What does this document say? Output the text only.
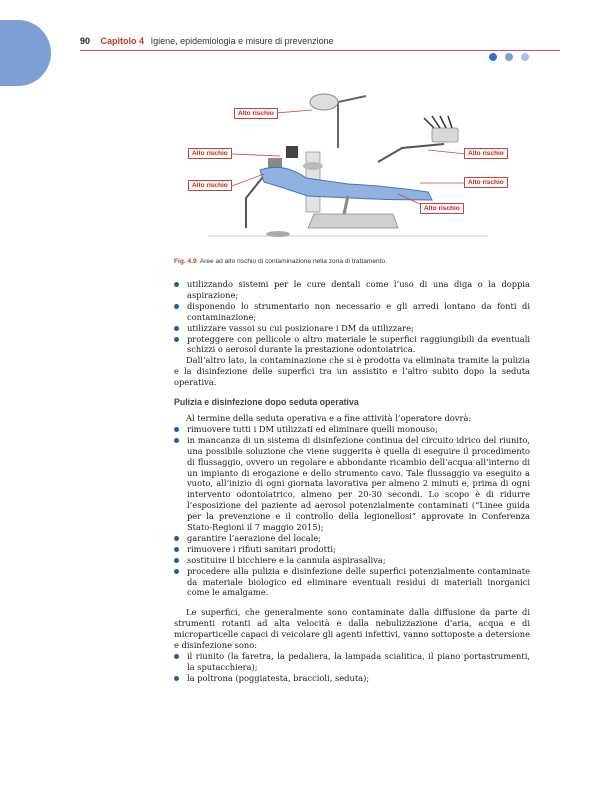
90 Capitolo 4 Igiene, epidemiologia e misure di prevenzione

Alto rischio
Alto rischio
Alto rischio
Alto rischio
Alto rischio
Alto rischio
Fig. 4.9 Aree ad alto rischio di contaminazione nella zona di trattamento.
utilizzando sistemi per le cure dentali come l’uso di una diga o la doppia aspirazione;
disponendo lo strumentario non necessario e gli arredi lontano da fonti di contaminazione;
utilizzare vassoi su cui posizionare i DM da utilizzare;
proteggere con pellicole o altro materiale le superfici raggiungibili da eventuali schizzi o aerosol durante la prestazione odontoiatrica.

Dall’altro lato, la contaminazione che si è prodotta va eliminata tramite la pulizia e la disinfezione delle superfici tra un assistito e l’altro subito dopo la seduta operativa.

Pulizia e disinfezione dopo seduta operativa

Al termine della seduta operativa e a fine attività l’operatore dovrà:

rimuovere tutti i DM utilizzati ed eliminare quelli monouso;
in mancanza di un sistema di disinfezione continua del circuito idrico del riunito, una possibile soluzione che viene suggerita è quella di eseguire il procedimento di flussaggio, ovvero un regolare e abbondante ricambio dell’acqua all’interno di un impianto di erogazione e dello strumento cavo. Tale flussaggio va eseguito a vuoto, all’inizio di ogni giornata lavorativa per almeno 2 minuti e, prima di ogni intervento odontoiatrico, almeno per 20-30 secondi. Lo scopo è di ridurre l’esposizione del paziente ad aerosol potenzialmente contaminati (“Linee guida per la prevenzione e il controllo della legionellosi” approvate in Conferenza Stato-Regioni il 7 maggio 2015);
garantire l’aerazione del locale;
rimuovere i rifiuti sanitari prodotti;
sostituire il bicchiere e la cannula aspirasaliva;
procedere alla pulizia e disinfezione delle superfici potenzialmente contaminate da materiale biologico ed eliminare eventuali residui di materiali inorganici come le amalgame.

Le superfici, che generalmente sono contaminate dalla diffusione da parte di strumenti rotanti ad alta velocità e dalla nebulizzazione d’aria, acqua e di microparticelle capaci di veicolare gli agenti infettivi, vanno sottoposte a detersione e disinfezione sono:

il riunito (la faretra, la pedaliera, la lampada scialitica, il piano portastrumenti, la sputacchiera);
la poltrona (poggiatesta, braccioli, seduta);
